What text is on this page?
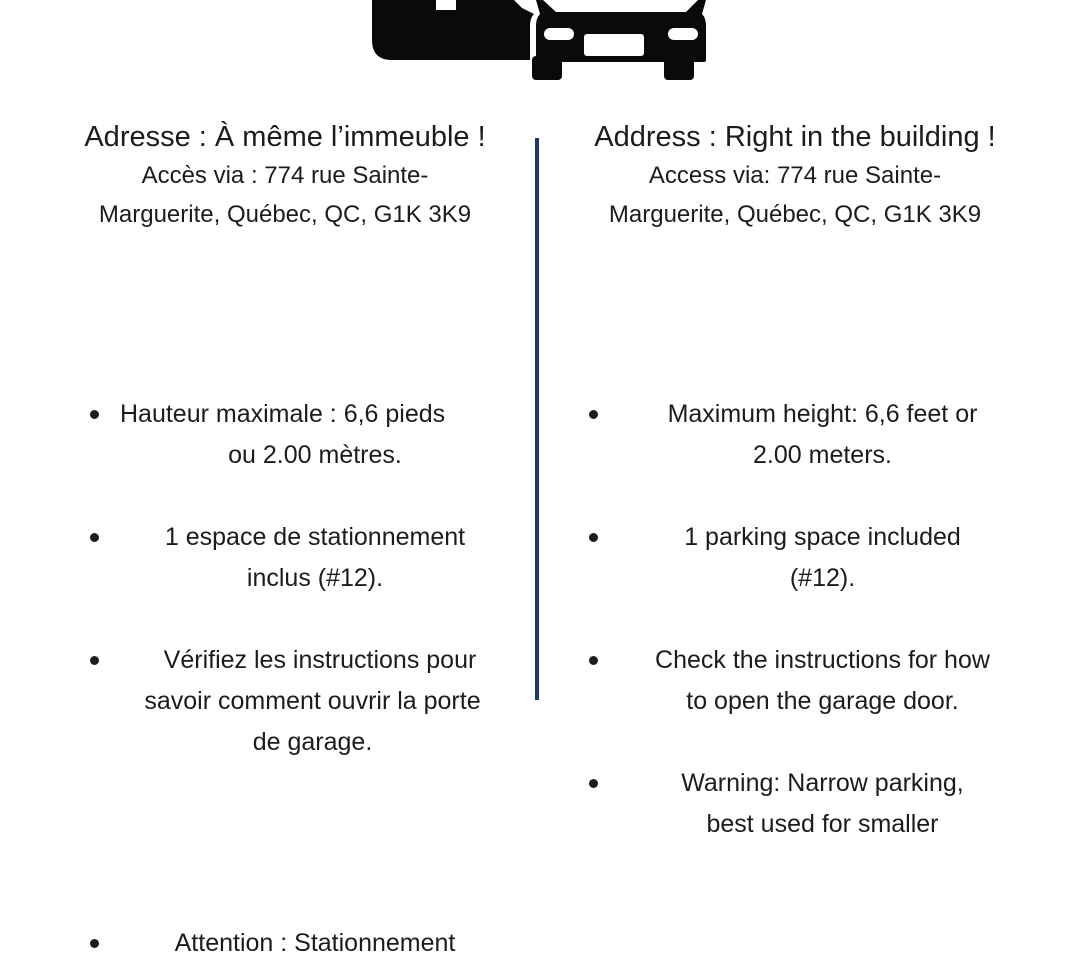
Adresse : À même l’immeuble !

Accès via : 774 rue Sainte-

Marguerite, Québec, QC, G1K 3K9

Hauteur maximale : 6,6 pieds
ou 2.00 mètres.
1 espace de stationnement
inclus (#12).
Vérifiez les instructions pour
savoir comment ouvrir la porte
de garage.
Attention : Stationnement
Address : Right in the building !

Access via: 774 rue Sainte-

Marguerite, Québec, QC, G1K 3K9

Maximum height: 6,6 feet or
2.00 meters.
1 parking space included
(#12).
Check the instructions for how
to open the garage door.
Warning: Narrow parking,
best used for smaller
